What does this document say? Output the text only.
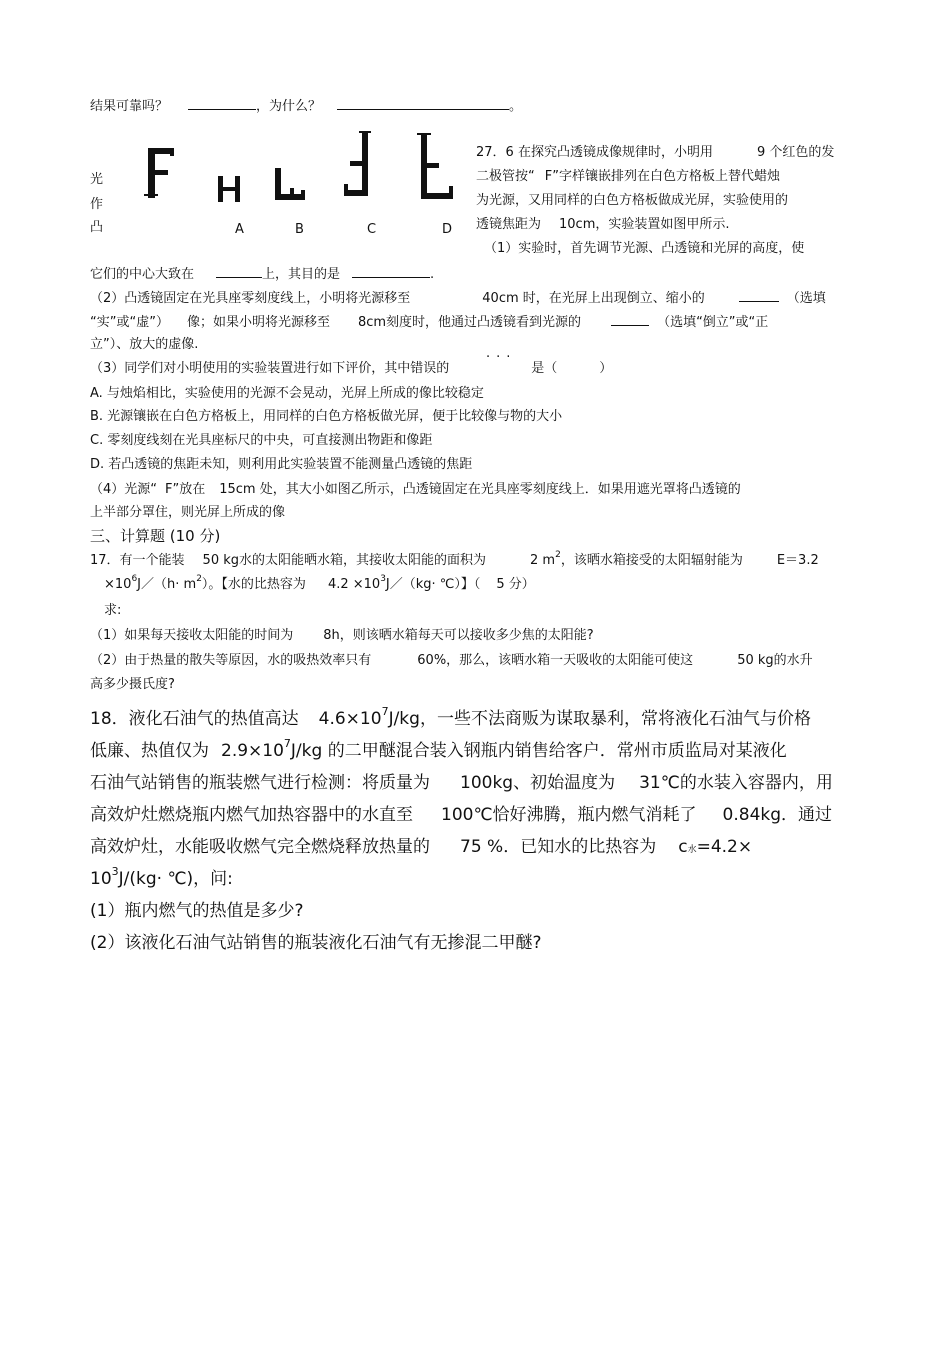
结果可靠吗？	，为什么？	。
光
作
凸	A	B	C	D
27．6 在探究凸透镜成像规律时，小明用	9 个红色的发
二极管按“ F”字样镶嵌排列在白色方格板上替代蜡烛
为光源，又用同样的白色方格板做成光屏，实验使用的
透镜焦距为 10cm，实验装置如图甲所示.
（1）实验时，首先调节光源、凸透镜和光屏的高度，使
它们的中心大致在	上，其目的是	.
（2）凸透镜固定在光具座零刻度线上，小明将光源移至	40cm 时，在光屏上出现倒立、缩小的	（选填
“实”或“虚”） 像；如果小明将光源移至 8cm刻度时，他通过凸透镜看到光源的	（选填“倒立”或“正
立”）、放大的虚像.
...
（3）同学们对小明使用的实验装置进行如下评价，其中错误的	是（	）
A. 与烛焰相比，实验使用的光源不会晃动，光屏上所成的像比较稳定
B. 光源镶嵌在白色方格板上，用同样的白色方格板做光屏，便于比较像与物的大小
C. 零刻度线刻在光具座标尺的中央，可直接测出物距和像距
D. 若凸透镜的焦距未知，则利用此实验装置不能测量凸透镜的焦距
（4）光源“ F”放在 15cm 处，其大小如图乙所示，凸透镜固定在光具座零刻度线上．如果用遮光罩将凸透镜的
上半部分罩住，则光屏上所成的像
三、计算题 (10 分)
17．有一个能装 50 kg水的太阳能晒水箱，其接收太阳能的面积为	2 $m^2$，该晒水箱接受的太阳辐射能为	E＝3.2
$\times 10^6J/(h\cdot m^2)$。【水的比热容为 $4.2 \times 10^3J/(kg\cdot$ ℃）】（ 5 分）
求:
（1）如果每天接收太阳能的时间为 8h，则该晒水箱每天可以接收多少焦的太阳能?
（2）由于热量的散失等原因，水的吸热效率只有	60%，那么，该晒水箱一天吸收的太阳能可使这	50 kg的水升
高多少摄氏度?
18．液化石油气的热值高达 $4.6\times 10^7J/kg$，一些不法商贩为谋取暴利，常将液化石油气与价格
低廉、热值仅为 $2.9\times 10^7J/kg$ 的二甲醚混合装入钢瓶内销售给客户．常州市质监局对某液化
石油气站销售的瓶装燃气进行检测：将质量为 100kg、初始温度为 31℃的水装入容器内，用
高效炉灶燃烧瓶内燃气加热容器中的水直至 100℃恰好沸腾，瓶内燃气消耗了 0.84kg．通过
高效炉灶，水能吸收燃气完全燃烧释放热量的 75 %．已知水的比热容为 c水=4.2×
$10^3J/(kg\cdot$ ℃)，问:
(1）瓶内燃气的热值是多少?
(2）该液化石油气站销售的瓶装液化石油气有无掺混二甲醚?
